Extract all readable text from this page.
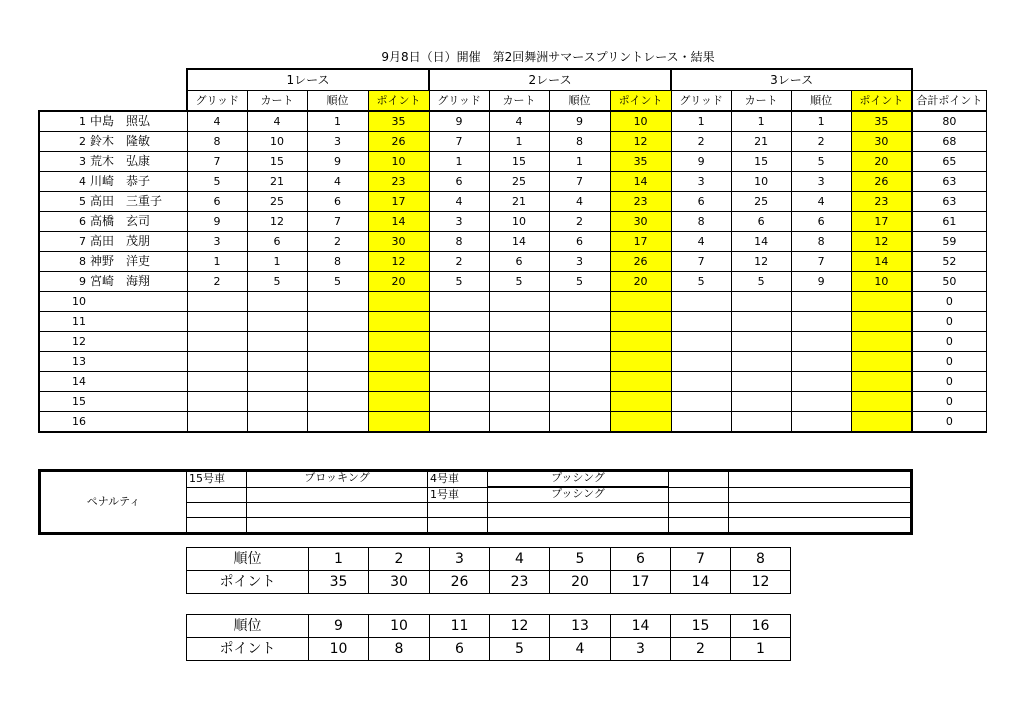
9月8日（日）開催　第2回舞洲サマースプリントレース・結果
		1レース				2レース				3レース				
		グリッド	カート	順位	ポイント	グリッド	カート	順位	ポイント	グリッド	カート	順位	ポイント	合計ポイント
1	中島　照弘	4	4	1	35	9	4	9	10	1	1	1	35	80
2	鈴木　隆敏	8	10	3	26	7	1	8	12	2	21	2	30	68
3	荒木　弘康	7	15	9	10	1	15	1	35	9	15	5	20	65
4	川崎　恭子	5	21	4	23	6	25	7	14	3	10	3	26	63
5	高田　三重子	6	25	6	17	4	21	4	23	6	25	4	23	63
6	高橋　玄司	9	12	7	14	3	10	2	30	8	6	6	17	61
7	高田　茂朋	3	6	2	30	8	14	6	17	4	14	8	12	59
8	神野　洋吏	1	1	8	12	2	6	3	26	7	12	7	14	52
9	宮崎　海翔	2	5	5	20	5	5	5	20	5	5	9	10	50
10														0
11														0
12														0
13														0
14														0
15														0
16														0
ペナルティ	15号車	ブロッキング	4号車	プッシング		
			1号車	プッシング		

順位	1	2	3	4	5	6	7	8
ポイント	35	30	26	23	20	17	14	12
順位	9	10	11	12	13	14	15	16
ポイント	10	8	6	5	4	3	2	1
